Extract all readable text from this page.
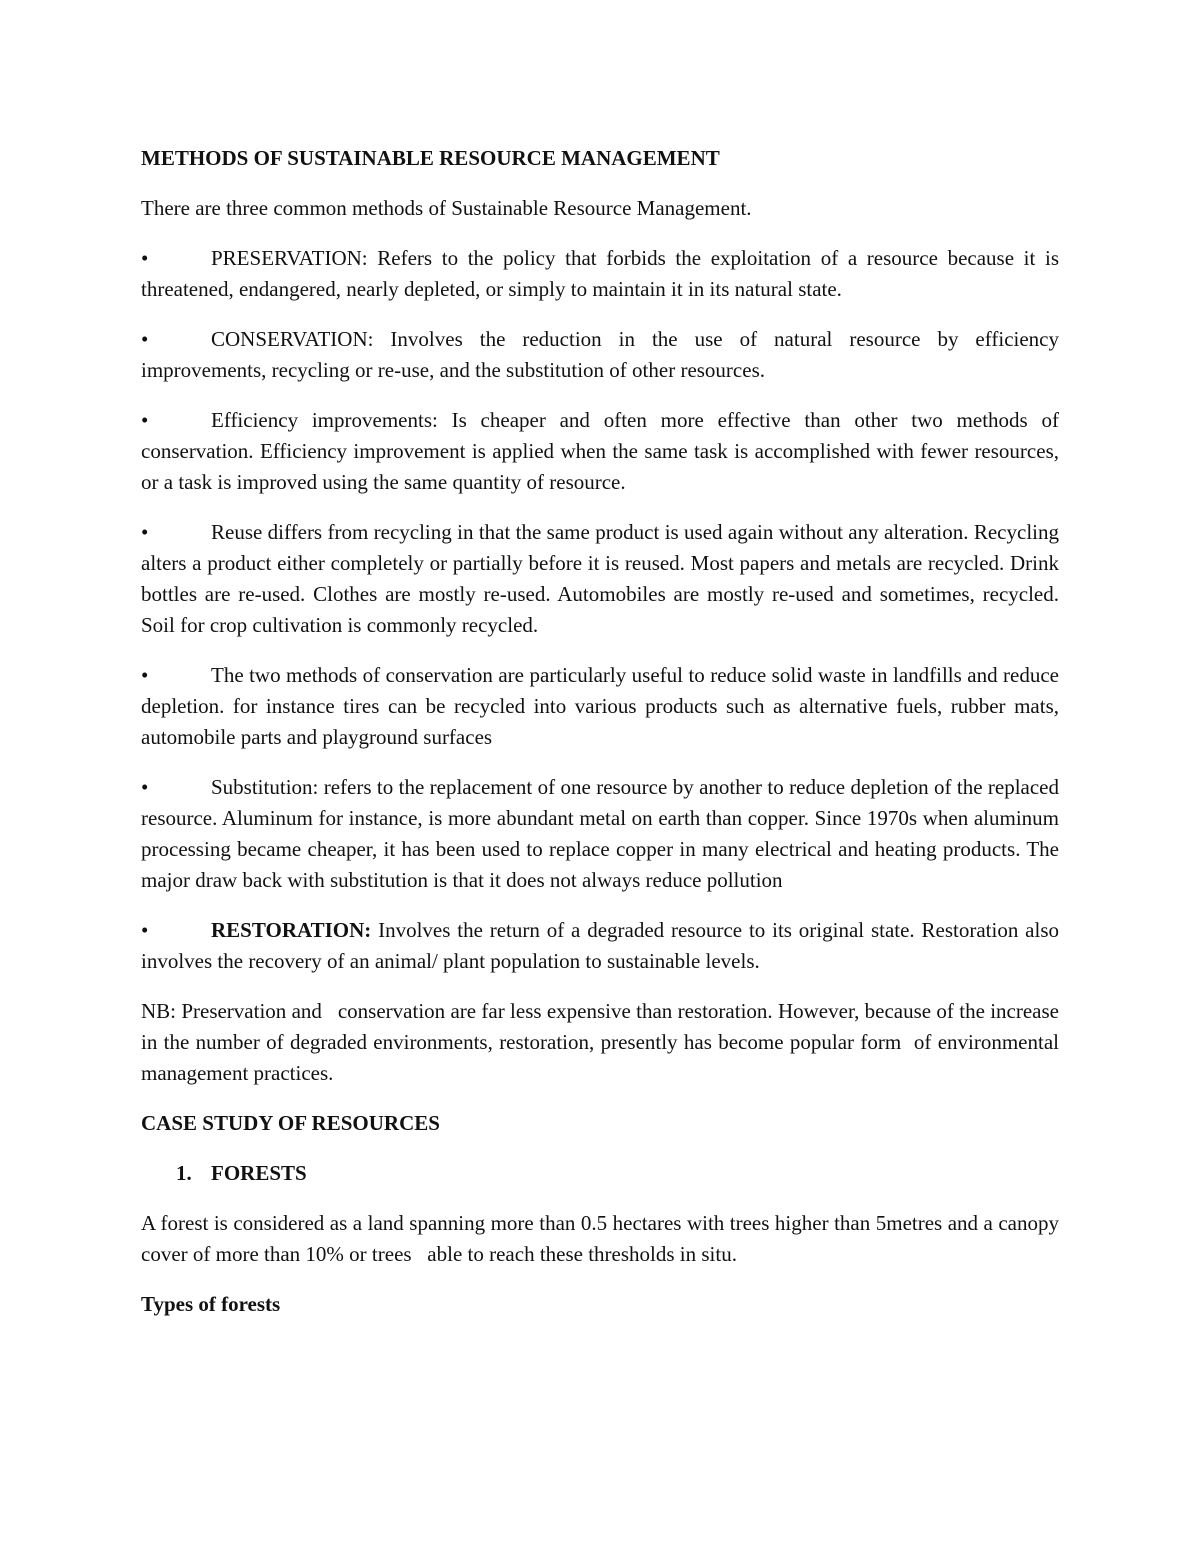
METHODS OF SUSTAINABLE RESOURCE MANAGEMENT

There are three common methods of Sustainable Resource Management.

•	PRESERVATION: Refers to the policy that forbids the exploitation of a resource because it is threatened, endangered, nearly depleted, or simply to maintain it in its natural state.

•	CONSERVATION: Involves the reduction in the use of natural resource by efficiency improvements, recycling or re-use, and the substitution of other resources.

•	Efficiency improvements: Is cheaper and often more effective than other two methods of conservation. Efficiency improvement is applied when the same task is accomplished with fewer resources, or a task is improved using the same quantity of resource.

•	Reuse differs from recycling in that the same product is used again without any alteration. Recycling alters a product either completely or partially before it is reused. Most papers and metals are recycled. Drink bottles are re-used. Clothes are mostly re-used. Automobiles are mostly re-used and sometimes, recycled. Soil for crop cultivation is commonly recycled.

•	The two methods of conservation are particularly useful to reduce solid waste in landfills and reduce depletion. for instance tires can be recycled into various products such as alternative fuels, rubber mats, automobile parts and playground surfaces

•	Substitution: refers to the replacement of one resource by another to reduce depletion of the replaced resource. Aluminum for instance, is more abundant metal on earth than copper. Since 1970s when aluminum processing became cheaper, it has been used to replace copper in many electrical and heating products. The major draw back with substitution is that it does not always reduce pollution

•	RESTORATION: Involves the return of a degraded resource to its original state. Restoration also involves the recovery of an animal/ plant population to sustainable levels.

NB: Preservation and   conservation are far less expensive than restoration. However, because of the increase in the number of degraded environments, restoration, presently has become popular form  of environmental management practices.

CASE STUDY OF RESOURCES

1. FORESTS

A forest is considered as a land spanning more than 0.5 hectares with trees higher than 5metres and a canopy cover of more than 10% or trees   able to reach these thresholds in situ.

Types of forests
